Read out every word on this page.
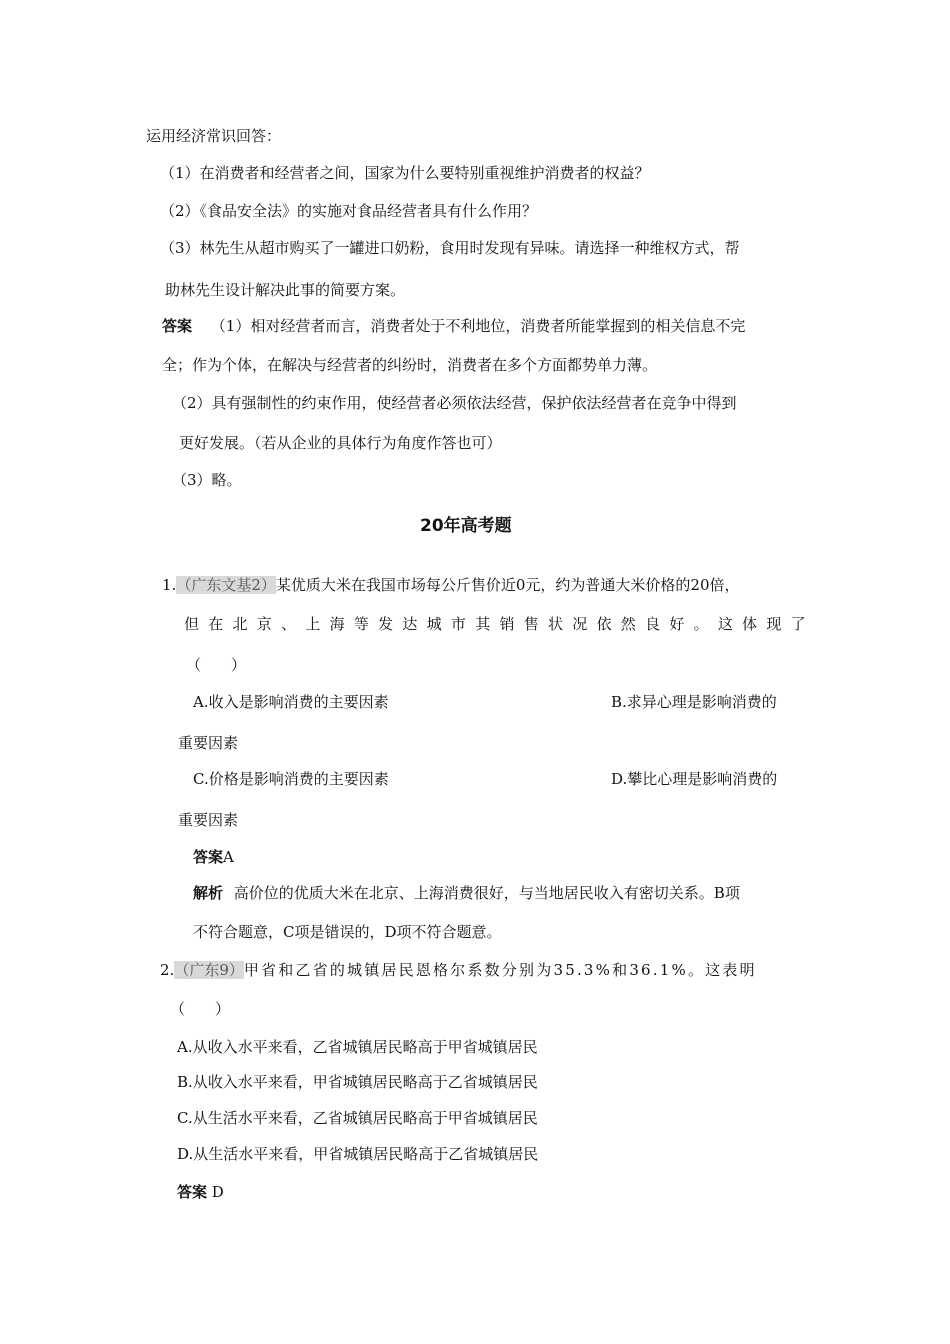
运用经济常识回答：
（1）在消费者和经营者之间，国家为什么要特别重视维护消费者的权益？
（2）《食品安全法》的实施对食品经营者具有什么作用？
（3）林先生从超市购买了一罐进口奶粉，食用时发现有异味。请选择一种维权方式，帮
助林先生设计解决此事的简要方案。
答案 （1）相对经营者而言，消费者处于不利地位，消费者所能掌握到的相关信息不完
全；作为个体，在解决与经营者的纠纷时，消费者在多个方面都势单力薄。
（2）具有强制性的约束作用，使经营者必须依法经营，保护依法经营者在竞争中得到
更好发展。（若从企业的具体行为角度作答也可）
（3）略。
20年高考题
1.（广东文基2）某优质大米在我国市场每公斤售价近0元，约为普通大米价格的20倍，
但 在 北 京 、 上 海 等 发 达 城 市 其 销 售 状 况 依 然 良 好 。 这 体 现 了
（　　）
A.收入是影响消费的主要因素	B.求异心理是影响消费的
重要因素
C.价格是影响消费的主要因素	D.攀比心理是影响消费的
重要因素
答案A
解析 高价位的优质大米在北京、上海消费很好，与当地居民收入有密切关系。B项
不符合题意，C项是错误的，D项不符合题意。
2.（广东9）甲省和乙省的城镇居民恩格尔系数分别为35.3%和36.1%。这表明
（　　）
A.从收入水平来看，乙省城镇居民略高于甲省城镇居民
B.从收入水平来看，甲省城镇居民略高于乙省城镇居民
C.从生活水平来看，乙省城镇居民略高于甲省城镇居民
D.从生活水平来看，甲省城镇居民略高于乙省城镇居民
答案 D
